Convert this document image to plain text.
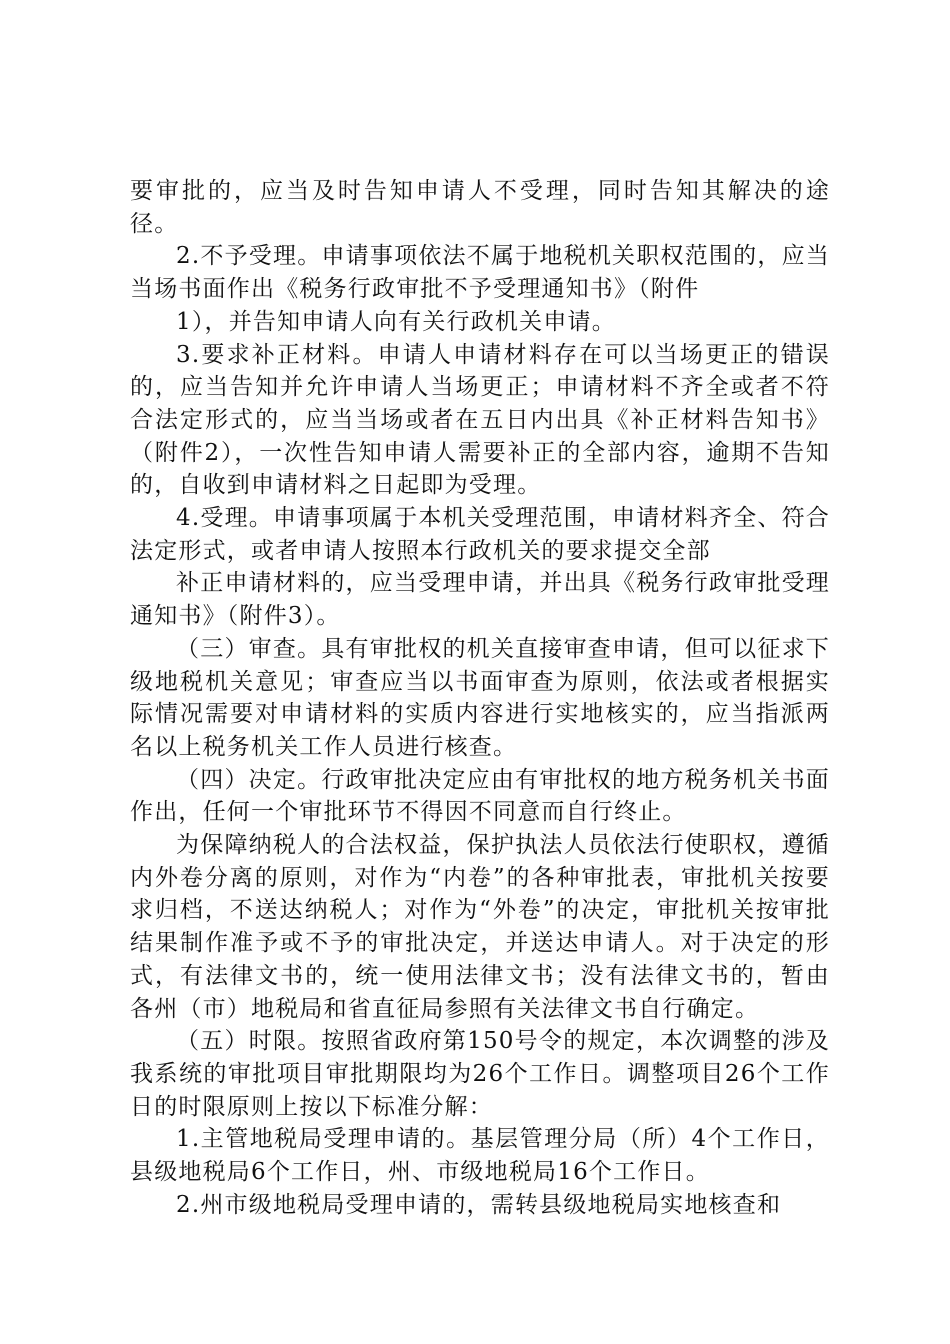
要审批的，应当及时告知申请人不受理，同时告知其解决的途径。

2.不予受理。申请事项依法不属于地税机关职权范围的，应当当场书面作出《税务行政审批不予受理通知书》（附件

1），并告知申请人向有关行政机关申请。

3.要求补正材料。申请人申请材料存在可以当场更正的错误的，应当告知并允许申请人当场更正；申请材料不齐全或者不符合法定形式的，应当当场或者在五日内出具《补正材料告知书》（附件2），一次性告知申请人需要补正的全部内容，逾期不告知的，自收到申请材料之日起即为受理。

4.受理。申请事项属于本机关受理范围，申请材料齐全、符合法定形式，或者申请人按照本行政机关的要求提交全部

补正申请材料的，应当受理申请，并出具《税务行政审批受理通知书》（附件3）。

（三）审查。具有审批权的机关直接审查申请，但可以征求下级地税机关意见；审查应当以书面审查为原则，依法或者根据实际情况需要对申请材料的实质内容进行实地核实的，应当指派两名以上税务机关工作人员进行核查。

（四）决定。行政审批决定应由有审批权的地方税务机关书面作出，任何一个审批环节不得因不同意而自行终止。

为保障纳税人的合法权益，保护执法人员依法行使职权，遵循内外卷分离的原则，对作为“内卷”的各种审批表，审批机关按要求归档，不送达纳税人；对作为“外卷”的决定，审批机关按审批结果制作准予或不予的审批决定，并送达申请人。对于决定的形式，有法律文书的，统一使用法律文书；没有法律文书的，暂由各州（市）地税局和省直征局参照有关法律文书自行确定。

（五）时限。按照省政府第150号令的规定，本次调整的涉及我系统的审批项目审批期限均为26个工作日。调整项目26个工作日的时限原则上按以下标准分解：

1.主管地税局受理申请的。基层管理分局（所）4个工作日，县级地税局6个工作日，州、市级地税局16个工作日。

2.州市级地税局受理申请的，需转县级地税局实地核查和
